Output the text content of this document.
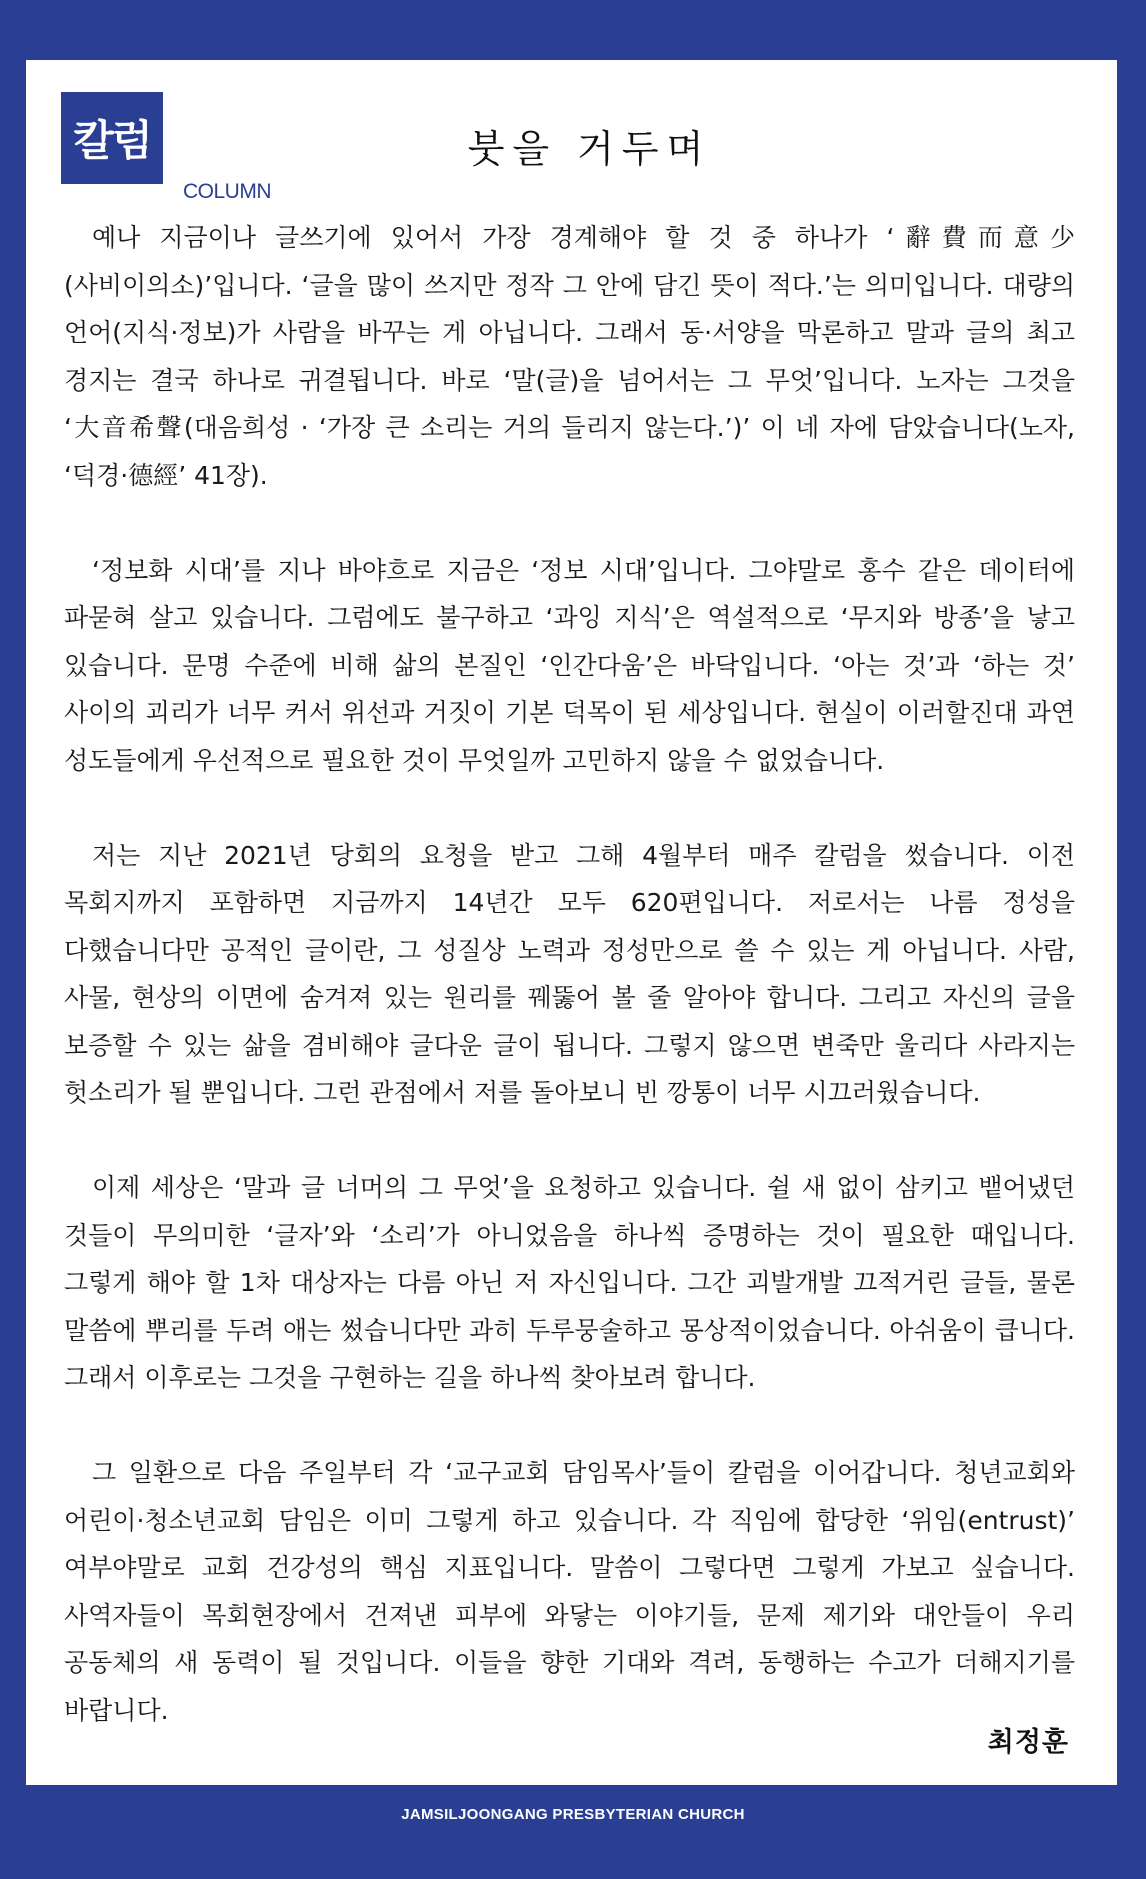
칼럼
COLUMN
붓을 거두며

예나 지금이나 글쓰기에 있어서 가장 경계해야 할 것 중 하나가 ‘辭費而意少(사비이의소)’입니다. ‘글을 많이 쓰지만 정작 그 안에 담긴 뜻이 적다.’는 의미입니다. 대량의 언어(지식·정보)가 사람을 바꾸는 게 아닙니다. 그래서 동·서양을 막론하고 말과 글의 최고 경지는 결국 하나로 귀결됩니다. 바로 ‘말(글)을 넘어서는 그 무엇’입니다. 노자는 그것을 ‘大音希聲(대음희성 · ‘가장 큰 소리는 거의 들리지 않는다.’)’ 이 네 자에 담았습니다(노자, ‘덕경·德經’ 41장).

‘정보화 시대’를 지나 바야흐로 지금은 ‘정보 시대’입니다. 그야말로 홍수 같은 데이터에 파묻혀 살고 있습니다. 그럼에도 불구하고 ‘과잉 지식’은 역설적으로 ‘무지와 방종’을 낳고 있습니다. 문명 수준에 비해 삶의 본질인 ‘인간다움’은 바닥입니다. ‘아는 것’과 ‘하는 것’ 사이의 괴리가 너무 커서 위선과 거짓이 기본 덕목이 된 세상입니다. 현실이 이러할진대 과연 성도들에게 우선적으로 필요한 것이 무엇일까 고민하지 않을 수 없었습니다.

저는 지난 2021년 당회의 요청을 받고 그해 4월부터 매주 칼럼을 썼습니다. 이전 목회지까지 포함하면 지금까지 14년간 모두 620편입니다. 저로서는 나름 정성을 다했습니다만 공적인 글이란, 그 성질상 노력과 정성만으로 쓸 수 있는 게 아닙니다. 사람, 사물, 현상의 이면에 숨겨져 있는 원리를 꿰뚫어 볼 줄 알아야 합니다. 그리고 자신의 글을 보증할 수 있는 삶을 겸비해야 글다운 글이 됩니다. 그렇지 않으면 변죽만 울리다 사라지는 헛소리가 될 뿐입니다. 그런 관점에서 저를 돌아보니 빈 깡통이 너무 시끄러웠습니다.

이제 세상은 ‘말과 글 너머의 그 무엇’을 요청하고 있습니다. 쉴 새 없이 삼키고 뱉어냈던 것들이 무의미한 ‘글자’와 ‘소리’가 아니었음을 하나씩 증명하는 것이 필요한 때입니다. 그렇게 해야 할 1차 대상자는 다름 아닌 저 자신입니다. 그간 괴발개발 끄적거린 글들, 물론 말씀에 뿌리를 두려 애는 썼습니다만 과히 두루뭉술하고 몽상적이었습니다. 아쉬움이 큽니다. 그래서 이후로는 그것을 구현하는 길을 하나씩 찾아보려 합니다.

그 일환으로 다음 주일부터 각 ‘교구교회 담임목사’들이 칼럼을 이어갑니다. 청년교회와 어린이·청소년교회 담임은 이미 그렇게 하고 있습니다. 각 직임에 합당한 ‘위임(entrust)’ 여부야말로 교회 건강성의 핵심 지표입니다. 말씀이 그렇다면 그렇게 가보고 싶습니다. 사역자들이 목회현장에서 건져낸 피부에 와닿는 이야기들, 문제 제기와 대안들이 우리 공동체의 새 동력이 될 것입니다. 이들을 향한 기대와 격려, 동행하는 수고가 더해지기를 바랍니다.

최정훈
JAMSILJOONGANG PRESBYTERIAN CHURCH
